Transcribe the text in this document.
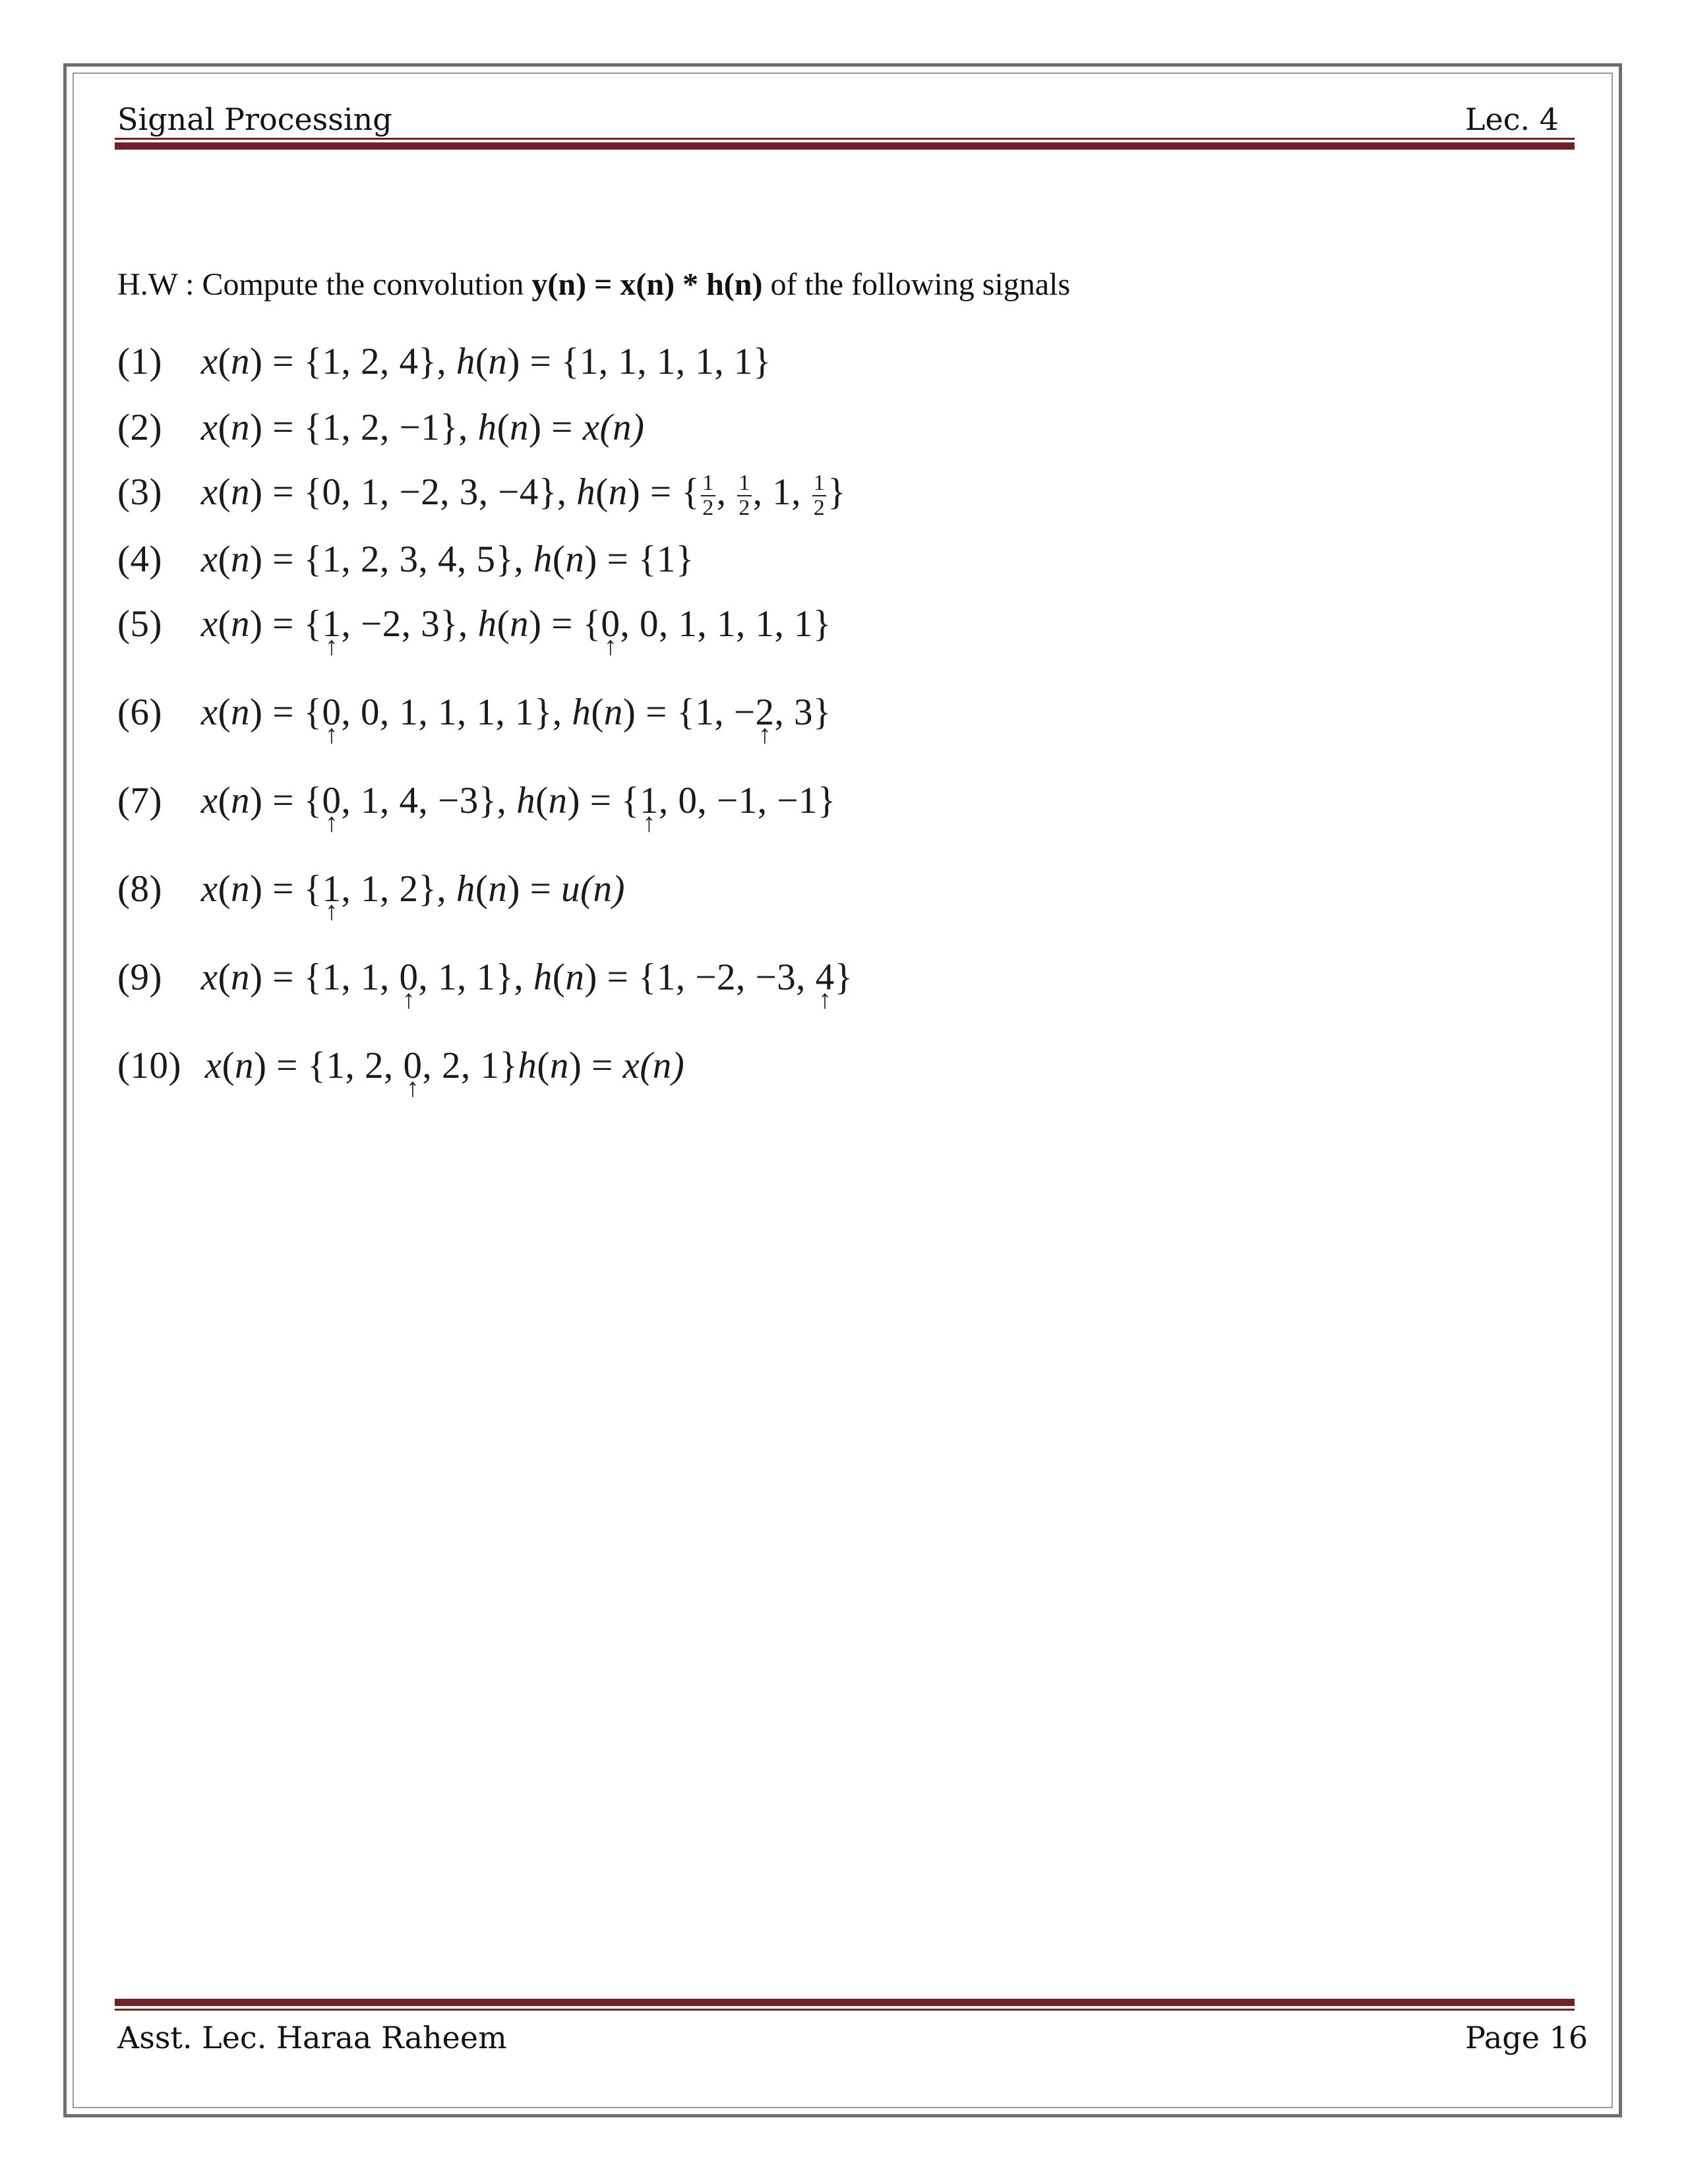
Signal Processing	Lec. 4
H.W : Compute the convolution y(n) = x(n) * h(n) of the following signals
(1) x(n) = {1, 2, 4}, h(n) = {1, 1, 1, 1, 1}
(2) x(n) = {1, 2, −1}, h(n) = x(n)
(3) x(n) = {0, 1, −2, 3, −4}, h(n) = { $\frac{1}{2}$ , $\frac{1}{2}$ , 1, $\frac{1}{2}$ }
(4) x(n) = {1, 2, 3, 4, 5}, h(n) = {1}
(5) x(n) = {1 ↑, −2, 3}, h(n) = {0 ↑, 0, 1, 1, 1, 1}
(6) x(n) = {0 ↑, 0, 1, 1, 1, 1}, h(n) = {1, −2 ↑, 3}
(7) x(n) = {0 ↑, 1, 4, −3}, h(n) = {1 ↑, 0, −1, −1}
(8) x(n) = {1 ↑, 1, 2}, h(n) = u(n)
(9) x(n) = {1, 1, 0 ↑, 1, 1}, h(n) = {1, −2, −3, 4 ↑}
(10) x(n) = {1, 2, 0 ↑, 2, 1}h(n) = x(n)
Asst. Lec. Haraa Raheem	Page 16
